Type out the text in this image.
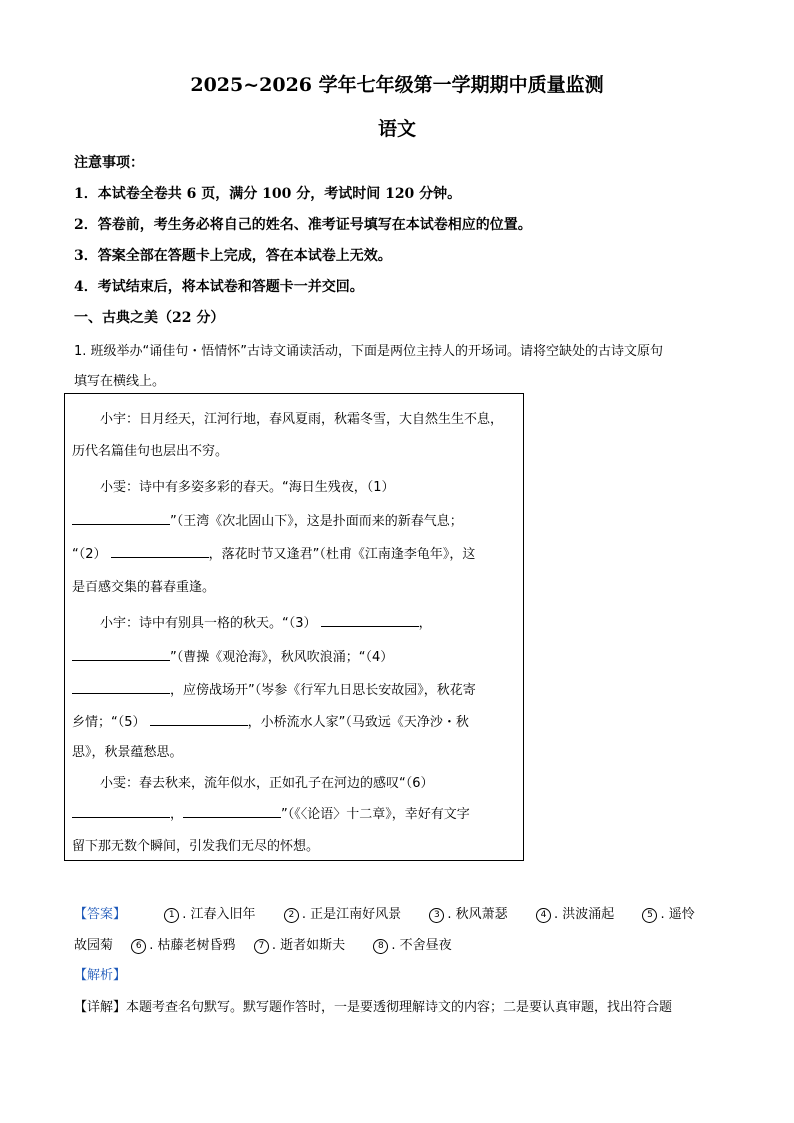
2025~2026 学年七年级第一学期期中质量监测
语文
注意事项：
1．本试卷全卷共 6 页，满分 100 分，考试时间 120 分钟。
2．答卷前，考生务必将自己的姓名、准考证号填写在本试卷相应的位置。
3．答案全部在答题卡上完成，答在本试卷上无效。
4．考试结束后，将本试卷和答题卡一并交回。
一、古典之美（22 分）
1. 班级举办“诵佳句・悟情怀”古诗文诵读活动，下面是两位主持人的开场词。请将空缺处的古诗文原句
填写在横线上。
小宇：日月经天，江河行地，春风夏雨，秋霜冬雪，大自然生生不息，
历代名篇佳句也层出不穷。
小雯：诗中有多姿多彩的春天。“海日生残夜，（1）
”（王湾《次北固山下》，这是扑面而来的新春气息；
“（2）	，落花时节又逢君”（杜甫《江南逢李龟年》，这
是百感交集的暮春重逢。
小宇：诗中有别具一格的秋天。“（3）	，
”（曹操《观沧海》，秋风吹浪涌；“（4）
，应傍战场开”（岑参《行军九日思长安故园》，秋花寄
乡情；“（5）	，小桥流水人家”（马致远《天净沙・秋
思》，秋景蕴愁思。
小雯：春去秋来，流年似水，正如孔子在河边的感叹“（6）
，	”（《〈论语〉十二章》，幸好有文字
留下那无数个瞬间，引发我们无尽的怀想。
【答案】	1 . 江春入旧年	2 . 正是江南好风景	3 . 秋风萧瑟	4 . 洪波涌起	5 . 遥怜
故园菊	6 . 枯藤老树昏鸦	7 . 逝者如斯夫	8 . 不舍昼夜
【解析】
【详解】本题考查名句默写。默写题作答时，一是要透彻理解诗文的内容；二是要认真审题，找出符合题
